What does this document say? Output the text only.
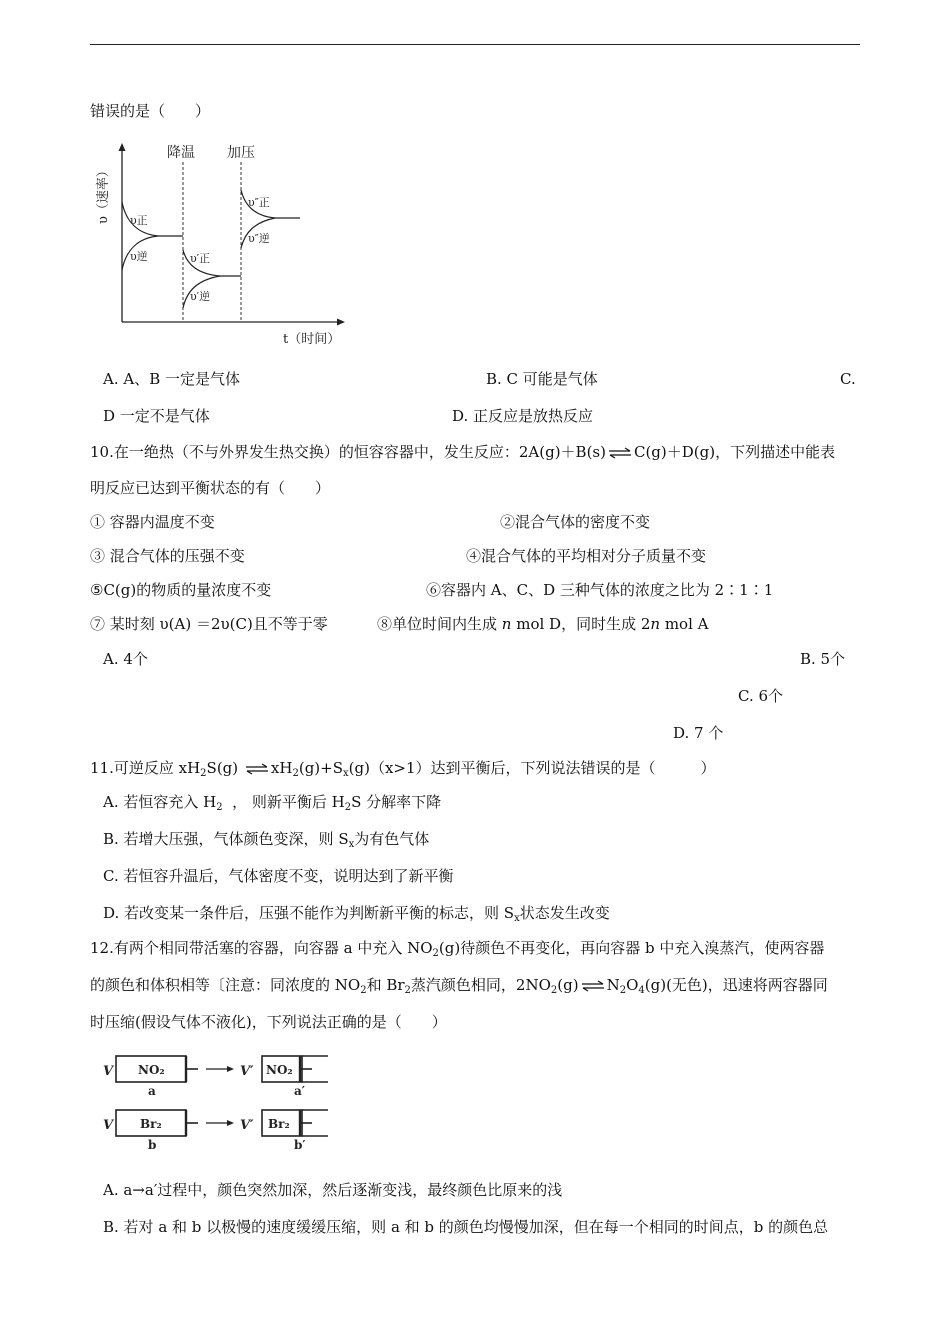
错误的是（　　）
υ（速率）
t（时间）
降温 加压
υ正
υ逆	υ′正
υ′逆
υ″正
υ″逆
A. A、B 一定是气体	B. C 可能是气体	C.
D 一定不是气体	D. 正反应是放热反应
10.在一绝热（不与外界发生热交换）的恒容容器中，发生反应：2A(g)＋B(s) ⇌ C(g)＋D(g)，下列描述中能表
明反应已达到平衡状态的有（　　）
① 容器内温度不变	②混合气体的密度不变
③ 混合气体的压强不变	④混合气体的平均相对分子质量不变
⑤C(g)的物质的量浓度不变	⑥容器内 A、C、D 三种气体的浓度之比为 2∶1∶1
⑦ 某时刻 υ(A) ＝2υ(C)且不等于零	⑧单位时间内生成 n mol D，同时生成 2n mol A
A. 4个	B. 5个
C. 6个
D. 7 个
11.可逆反应 $xH_2S(g)$ ⇌ $xH_2(g)+S_x(g)(x>1)$达到平衡后，下列说法错误的是（　　　）
A. 若恒容充入 $H_2$ ， 则新平衡后 $H_2S$ 分解率下降
B. 若增大压强，气体颜色变深，则 $S_x$为有色气体
C. 若恒容升温后，气体密度不变，说明达到了新平衡
D. 若改变某一条件后，压强不能作为判断新平衡的标志，则 $S_x$状态发生改变
12.有两个相同带活塞的容器，向容器 a 中充入 $NO_2(g)$待颜色不再变化，再向容器 b 中充入溴蒸汽，使两容器
的颜色和体积相等〔注意：同浓度的 $NO_2$和 $Br_2$蒸汽颜色相同，$2NO_2(g)$ ⇌ $N_2O_4(g)$(无色)，迅速将两容器同
时压缩(假设气体不液化)，下列说法正确的是（　　）
V NO₂
a
V′ NO₂
a′
V Br₂
b
V′ Br₂
b′
A. a→a′过程中，颜色突然加深，然后逐渐变浅，最终颜色比原来的浅
B. 若对 a 和 b 以极慢的速度缓缓压缩，则 a 和 b 的颜色均慢慢加深，但在每一个相同的时间点，b 的颜色总
